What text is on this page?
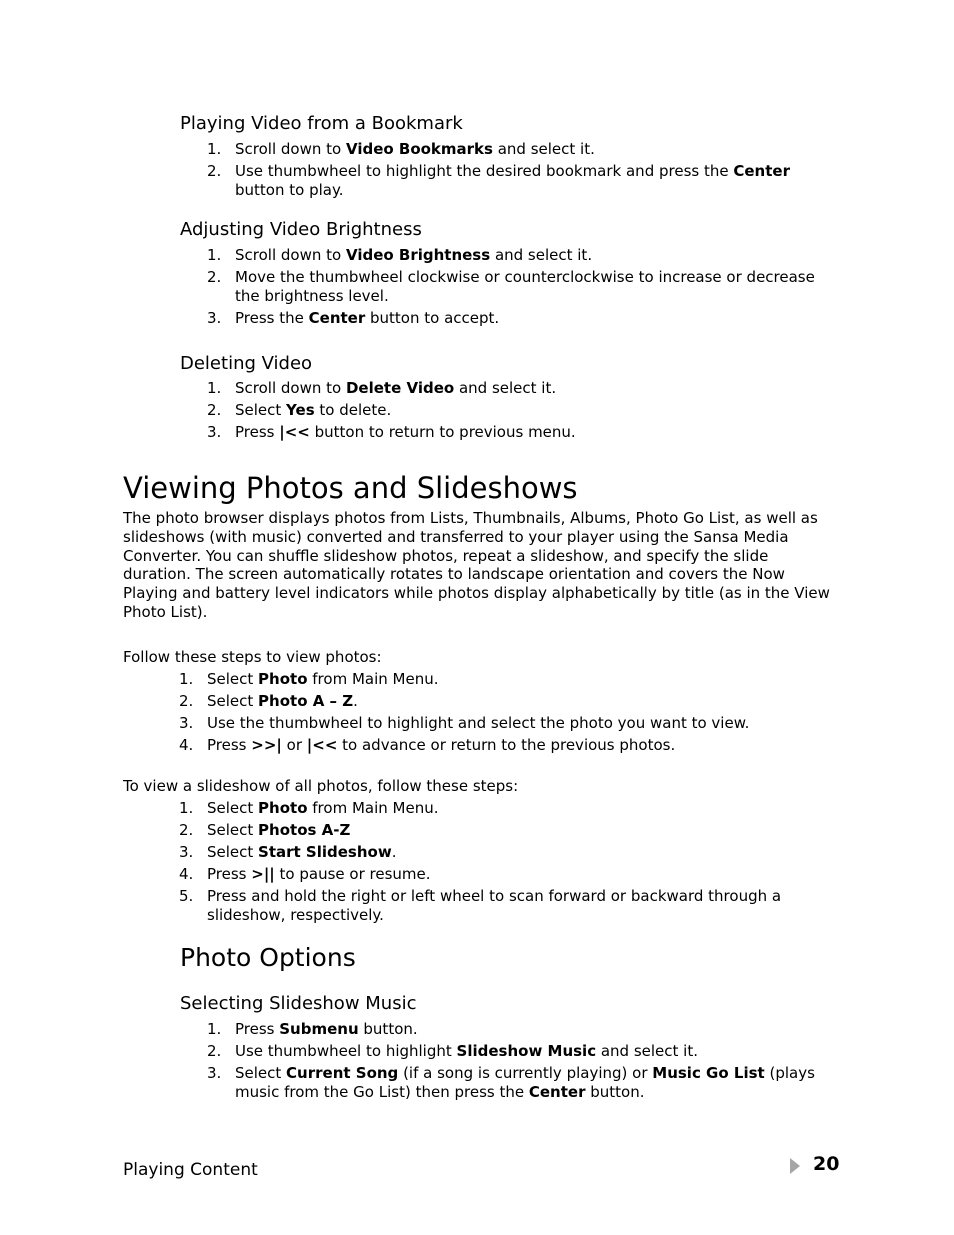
Playing Video from a Bookmark
1. Scroll down to Video Bookmarks and select it.
2. Use thumbwheel to highlight the desired bookmark and press the Center button to play.
Adjusting Video Brightness
1. Scroll down to Video Brightness and select it.
2. Move the thumbwheel clockwise or counterclockwise to increase or decrease the brightness level.
3. Press the Center button to accept.
Deleting Video
1. Scroll down to Delete Video and select it.
2. Select Yes to delete.
3. Press |<< button to return to previous menu.
Viewing Photos and Slideshows
The photo browser displays photos from Lists, Thumbnails, Albums, Photo Go List, as well as slideshows (with music) converted and transferred to your player using the Sansa Media Converter. You can shuffle slideshow photos, repeat a slideshow, and specify the slide duration. The screen automatically rotates to landscape orientation and covers the Now Playing and battery level indicators while photos display alphabetically by title (as in the View Photo List).
Follow these steps to view photos:
1. Select Photo from Main Menu.
2. Select Photo A – Z.
3. Use the thumbwheel to highlight and select the photo you want to view.
4. Press >>| or |<< to advance or return to the previous photos.
To view a slideshow of all photos, follow these steps:
1. Select Photo from Main Menu.
2. Select Photos A-Z
3. Select Start Slideshow.
4. Press >|| to pause or resume.
5. Press and hold the right or left wheel to scan forward or backward through a slideshow, respectively.
Photo Options
Selecting Slideshow Music
1. Press Submenu button.
2. Use thumbwheel to highlight Slideshow Music and select it.
3. Select Current Song (if a song is currently playing) or Music Go List (plays music from the Go List) then press the Center button.
Playing Content	20
